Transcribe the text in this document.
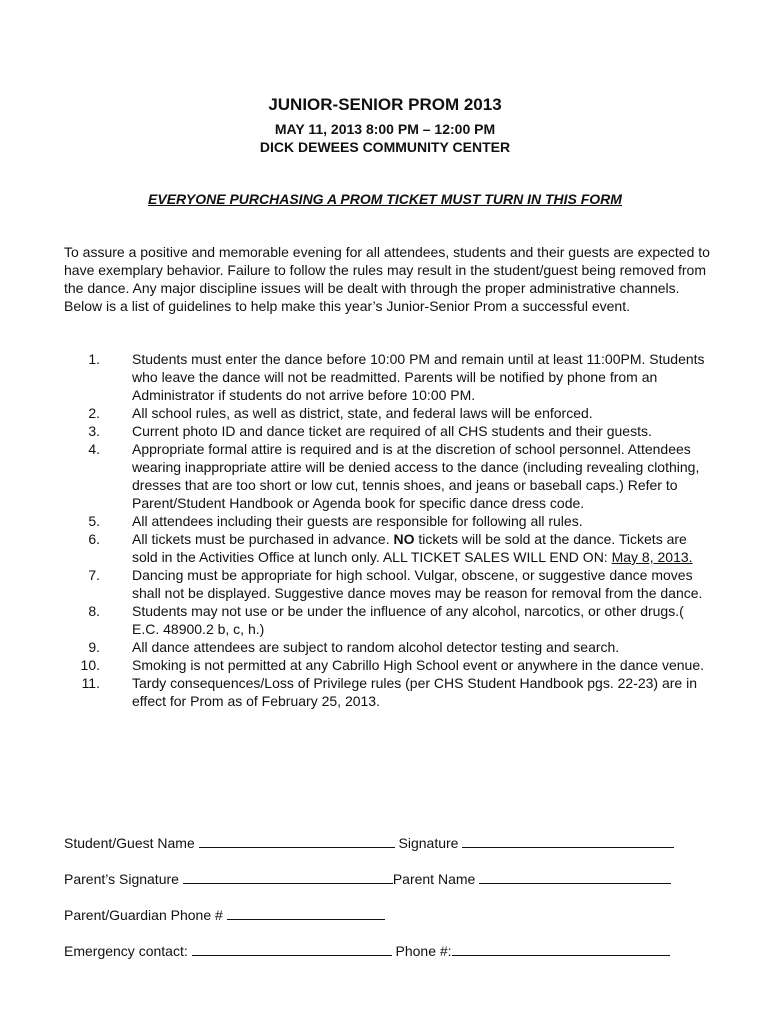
JUNIOR-SENIOR PROM 2013
MAY 11, 2013 8:00 PM – 12:00 PM
DICK DEWEES COMMUNITY CENTER
EVERYONE PURCHASING A PROM TICKET MUST TURN IN THIS FORM

To assure a positive and memorable evening for all attendees, students and their guests are expected to have exemplary behavior. Failure to follow the rules may result in the student/guest being removed from the dance. Any major discipline issues will be dealt with through the proper administrative channels. Below is a list of guidelines to help make this year’s Junior-Senior Prom a successful event.

1. Students must enter the dance before 10:00 PM and remain until at least 11:00PM. Students who leave the dance will not be readmitted. Parents will be notified by phone from an Administrator if students do not arrive before 10:00 PM.
2. All school rules, as well as district, state, and federal laws will be enforced.
3. Current photo ID and dance ticket are required of all CHS students and their guests.
4. Appropriate formal attire is required and is at the discretion of school personnel. Attendees wearing inappropriate attire will be denied access to the dance (including revealing clothing, dresses that are too short or low cut, tennis shoes, and jeans or baseball caps.) Refer to Parent/Student Handbook or Agenda book for specific dance dress code.
5. All attendees including their guests are responsible for following all rules.
6. All tickets must be purchased in advance. NO tickets will be sold at the dance. Tickets are sold in the Activities Office at lunch only. ALL TICKET SALES WILL END ON: May 8, 2013.
7. Dancing must be appropriate for high school. Vulgar, obscene, or suggestive dance moves shall not be displayed. Suggestive dance moves may be reason for removal from the dance.
8. Students may not use or be under the influence of any alcohol, narcotics, or other drugs.( E.C. 48900.2 b, c, h.)
9. All dance attendees are subject to random alcohol detector testing and search.
10. Smoking is not permitted at any Cabrillo High School event or anywhere in the dance venue.
11. Tardy consequences/Loss of Privilege rules (per CHS Student Handbook pgs. 22-23) are in effect for Prom as of February 25, 2013.
Student/Guest Name	Signature
Parent’s Signature	Parent Name
Parent/Guardian Phone #
Emergency contact:	Phone #:
